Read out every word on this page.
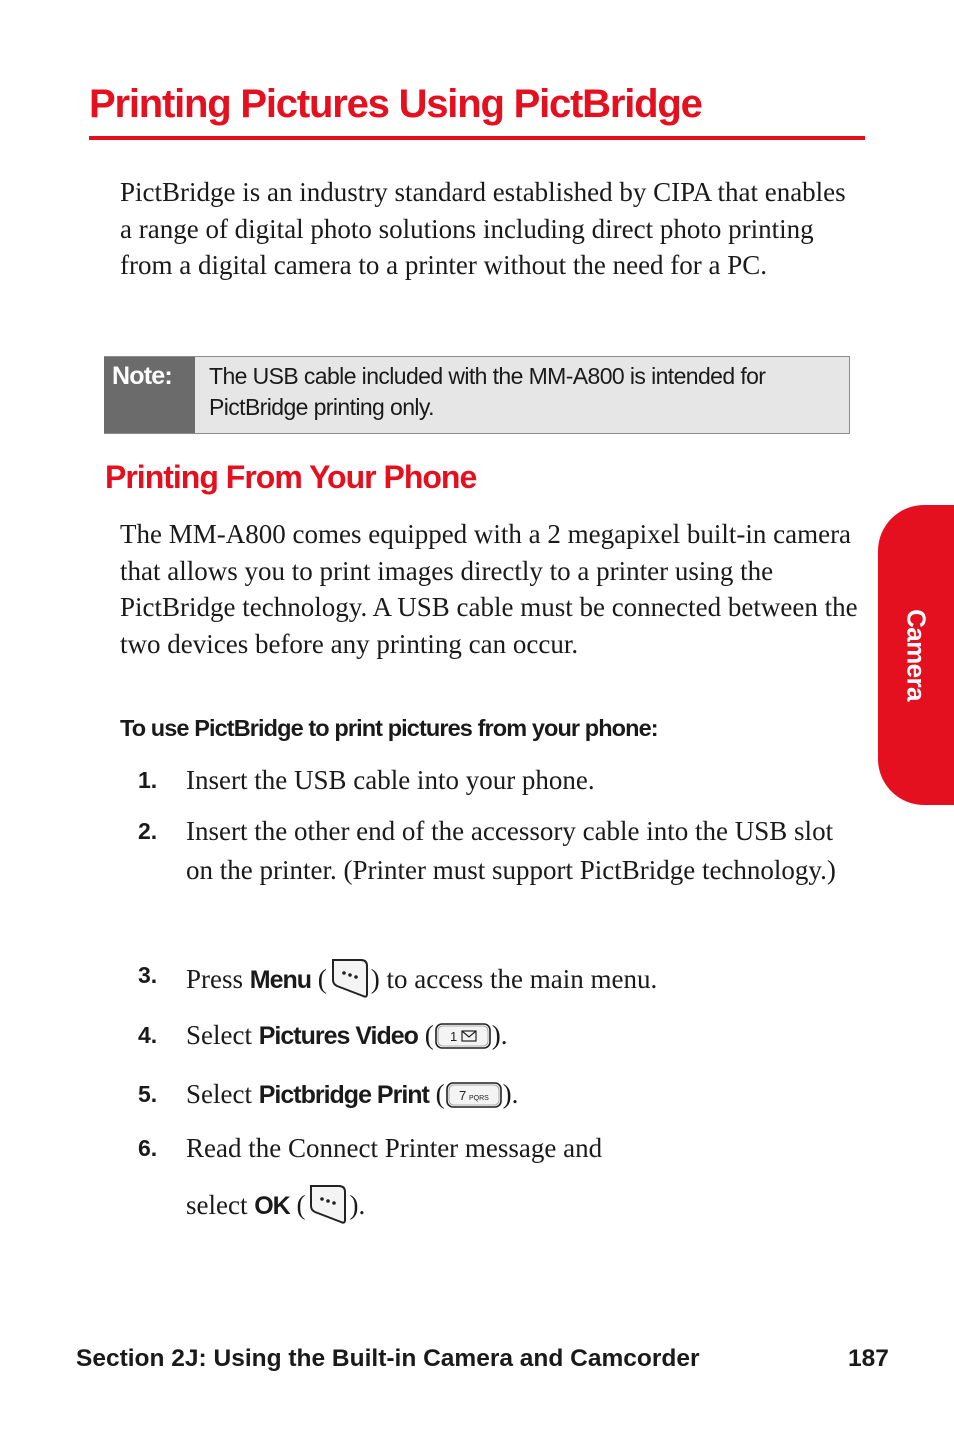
Printing Pictures Using PictBridge

PictBridge is an industry standard established by CIPA that enables a range of digital photo solutions including direct photo printing from a digital camera to a printer without the need for a PC.

Note:	The USB cable included with the MM-A800 is intended for PictBridge printing only.
Printing From Your Phone

The MM-A800 comes equipped with a 2 megapixel built-in camera that allows you to print images directly to a printer using the PictBridge technology. A USB cable must be connected between the two devices before any printing can occur.

To use PictBridge to print pictures from your phone:
1. Insert the USB cable into your phone.
2. Insert the other end of the accessory cable into the USB slot on the printer. (Printer must support PictBridge technology.)
3. Press Menu ( ) to access the main menu.
4. Select Pictures Video ( 1 ).
5. Select Pictbridge Print ( 7 PQRS ).
6. Read the Connect Printer message and
select OK ( ).
Camera
Section 2J: Using the Built-in Camera and Camcorder	187
